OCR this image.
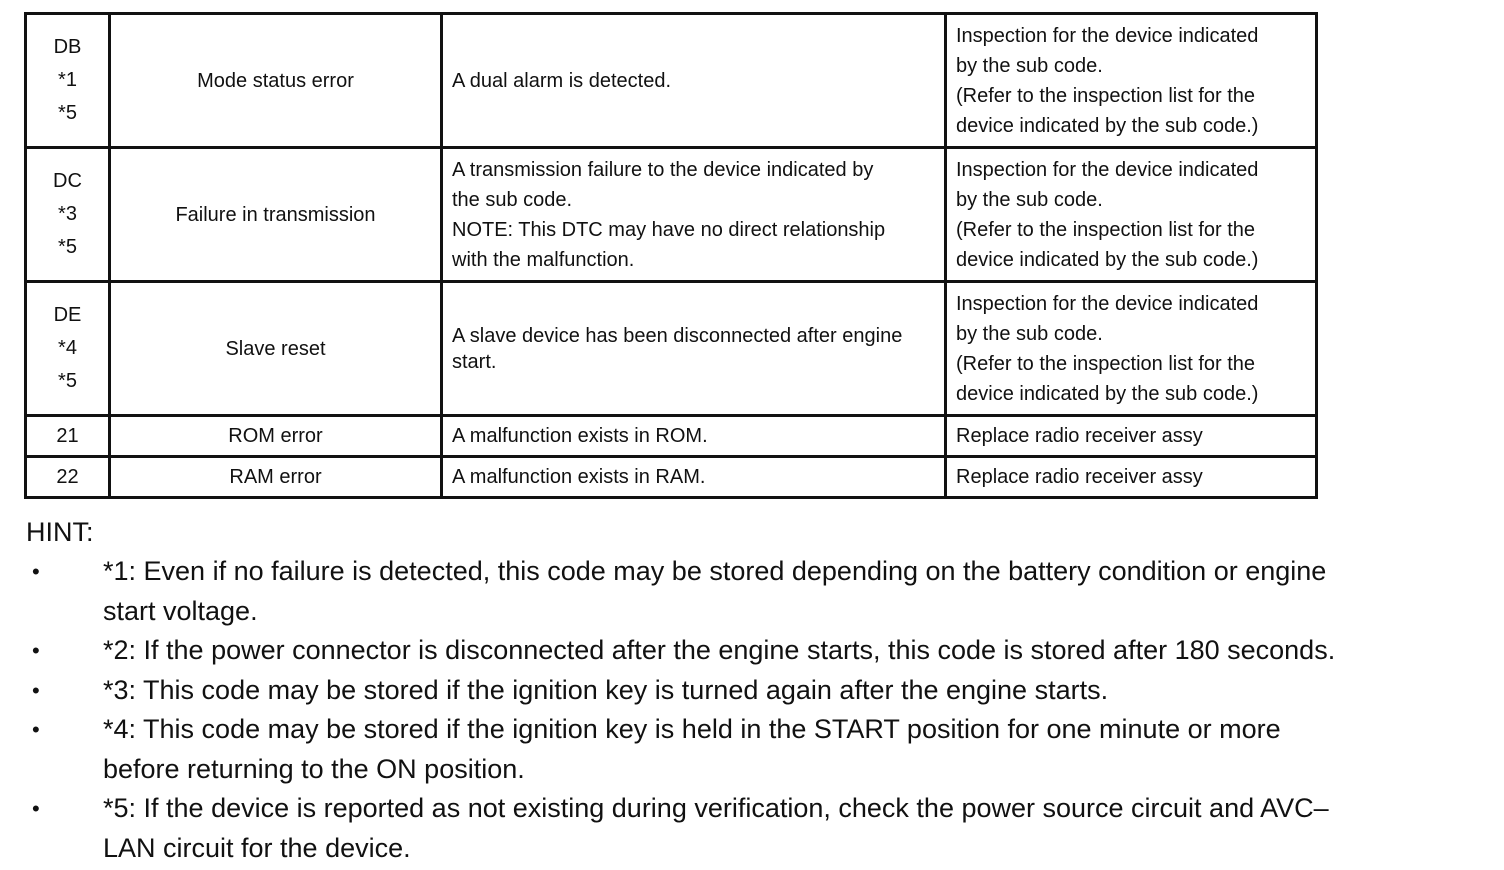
DB
*1
*5	Mode status error	A dual alarm is detected.	Inspection for the device indicated
by the sub code.
(Refer to the inspection list for the
device indicated by the sub code.)

DC
*3
*5	Failure in transmission	A transmission failure to the device indicated by
the sub code.
NOTE: This DTC may have no direct relationship
with the malfunction.	Inspection for the device indicated
by the sub code.
(Refer to the inspection list for the
device indicated by the sub code.)

DE
*4
*5	Slave reset	A slave device has been disconnected after engine
start.	Inspection for the device indicated
by the sub code.
(Refer to the inspection list for the
device indicated by the sub code.)

21	ROM error	A malfunction exists in ROM.	Replace radio receiver assy

22	RAM error	A malfunction exists in RAM.	Replace radio receiver assy
HINT:
• *1: Even if no failure is detected, this code may be stored depending on the battery condition or engine
start voltage.
• *2: If the power connector is disconnected after the engine starts, this code is stored after 180 seconds.
• *3: This code may be stored if the ignition key is turned again after the engine starts.
• *4: This code may be stored if the ignition key is held in the START position for one minute or more
before returning to the ON position.
• *5: If the device is reported as not existing during verification, check the power source circuit and AVC–
LAN circuit for the device.
